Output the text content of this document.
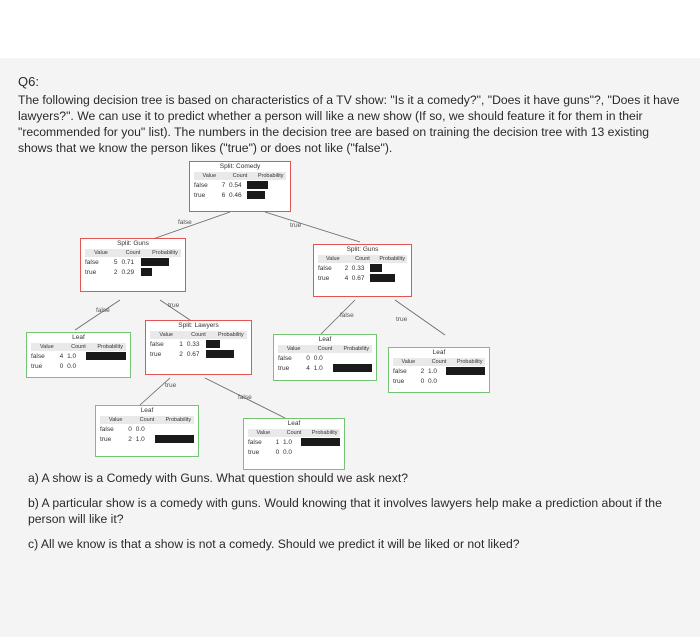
Q6:
The following decision tree is based on characteristics of a TV show: "Is it a comedy?", "Does it have guns"?, "Does it have lawyers?". We can use it to predict whether a person will like a new show (If so, we should feature it for them in their "recommended for you" list). The numbers in the decision tree are based on training the decision tree with 13 existing shows that we know the person likes ("true") or does not like ("false").
false	true
false
true
false
true
true
false
Split: Comedy
Value	Count	Probability
false	7 0.54
true	6 0.46
Split: Guns
Value	Count	Probability
false	5 0.71
true	2 0.29
Split: Guns
Value	Count	Probability
false	2 0.33
true	4 0.67
Leaf
Value	Count	Probability
false	4 1.0
true	0 0.0
Split: Lawyers
Value	Count	Probability
false	1 0.33
true	2 0.67
Leaf
Value	Count	Probability
false	0 0.0
true	4 1.0
Leaf
Value	Count	Probability
false	2 1.0
true	0 0.0
Leaf
Value	Count	Probability
false	0 0.0
true	2 1.0
Leaf
Value	Count	Probability
false	1 1.0
true	0 0.0

a) A show is a Comedy with Guns. What question should we ask next?

b) A particular show is a comedy with guns. Would knowing that it involves lawyers help make a prediction about if the person will like it?

c) All we know is that a show is not a comedy. Should we predict it will be liked or not liked?
